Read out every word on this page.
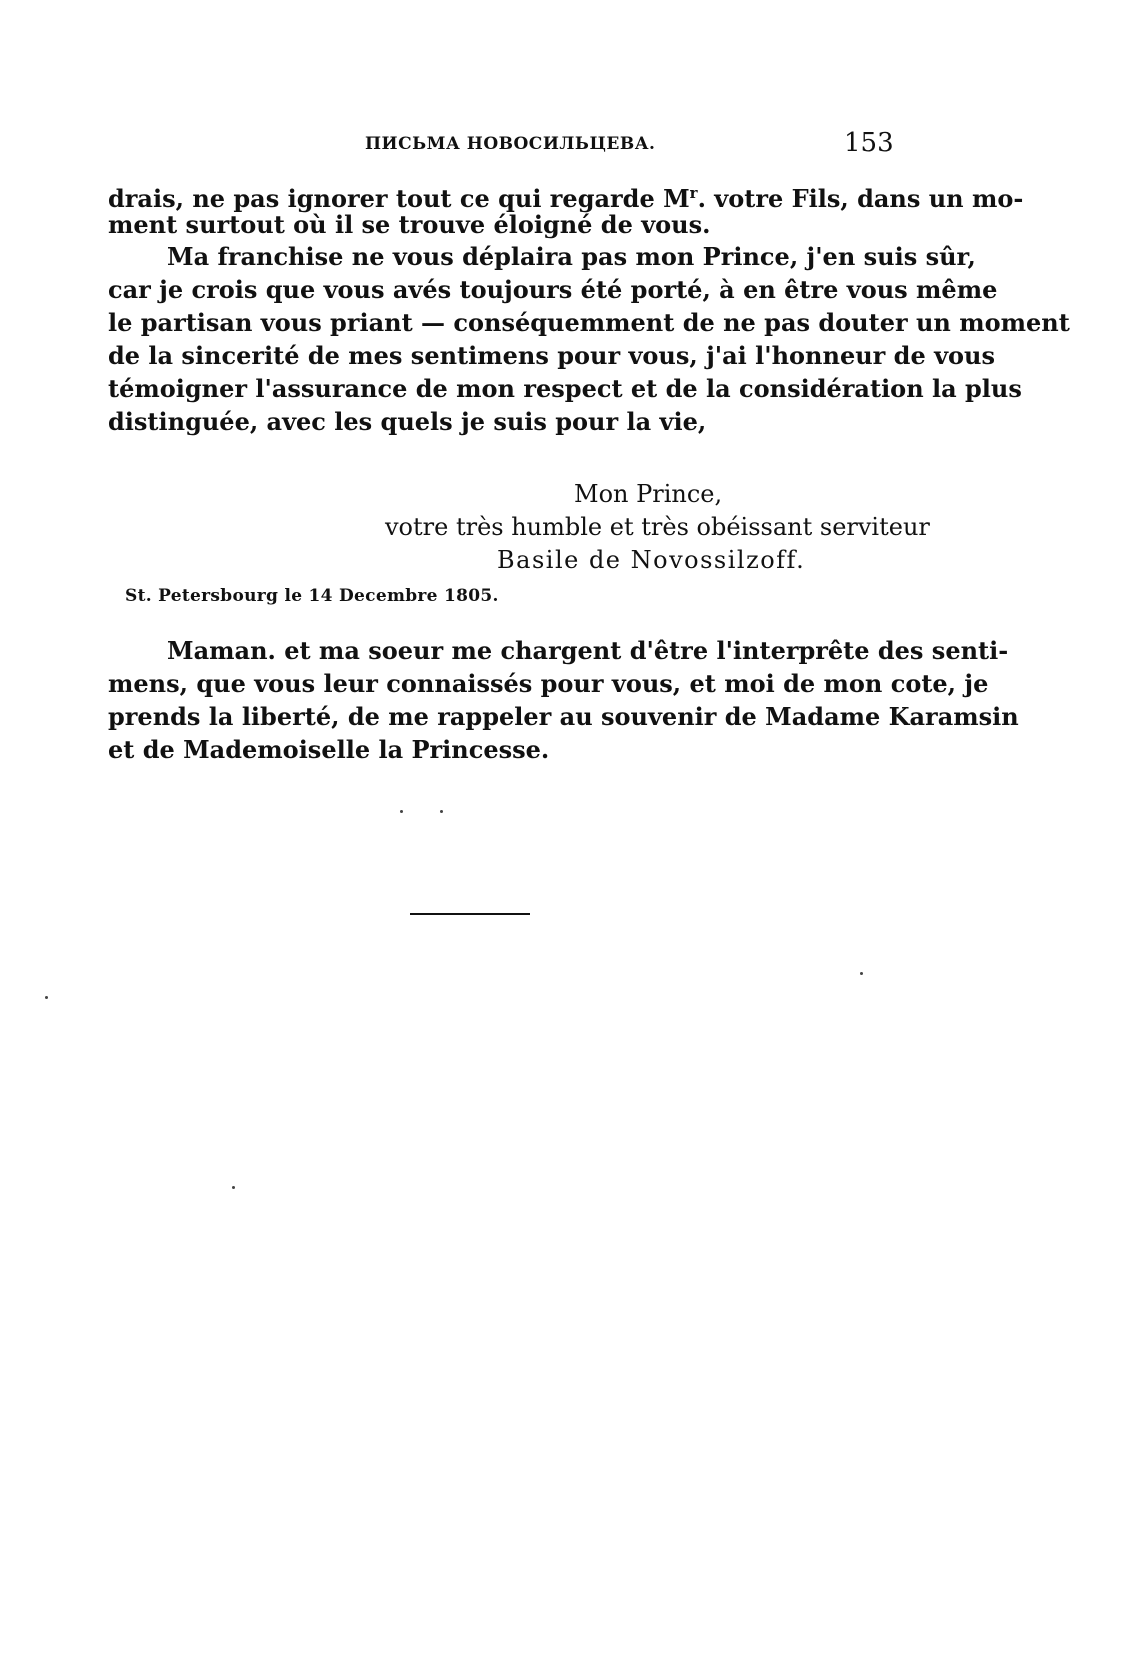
ПИСЬМА НОВОСИЛЬЦЕВА.	153
drais, ne pas ignorer tout ce qui regarde $M^r$. votre Fils, dans un mo-
ment surtout où il se trouve éloigné de vous.
Ma franchise ne vous déplaira pas mon Prince, j'en suis sûr,
car je crois que vous avés toujours été porté, à en être vous même
le partisan vous priant — conséquemment de ne pas douter un moment
de la sincerité de mes sentimens pour vous, j'ai l'honneur de vous
témoigner l'assurance de mon respect et de la considération la plus
distinguée, avec les quels je suis pour la vie,
Mon Prince,
votre très humble et très obéissant serviteur
Basile de Novossilzoff.
St. Petersbourg le 14 Decembre 1805.
Maman. et ma soeur me chargent d'être l'interprête des senti-
mens, que vous leur connaissés pour vous, et moi de mon cote, je
prends la liberté, de me rappeler au souvenir de Madame Karamsin
et de Mademoiselle la Princesse.
